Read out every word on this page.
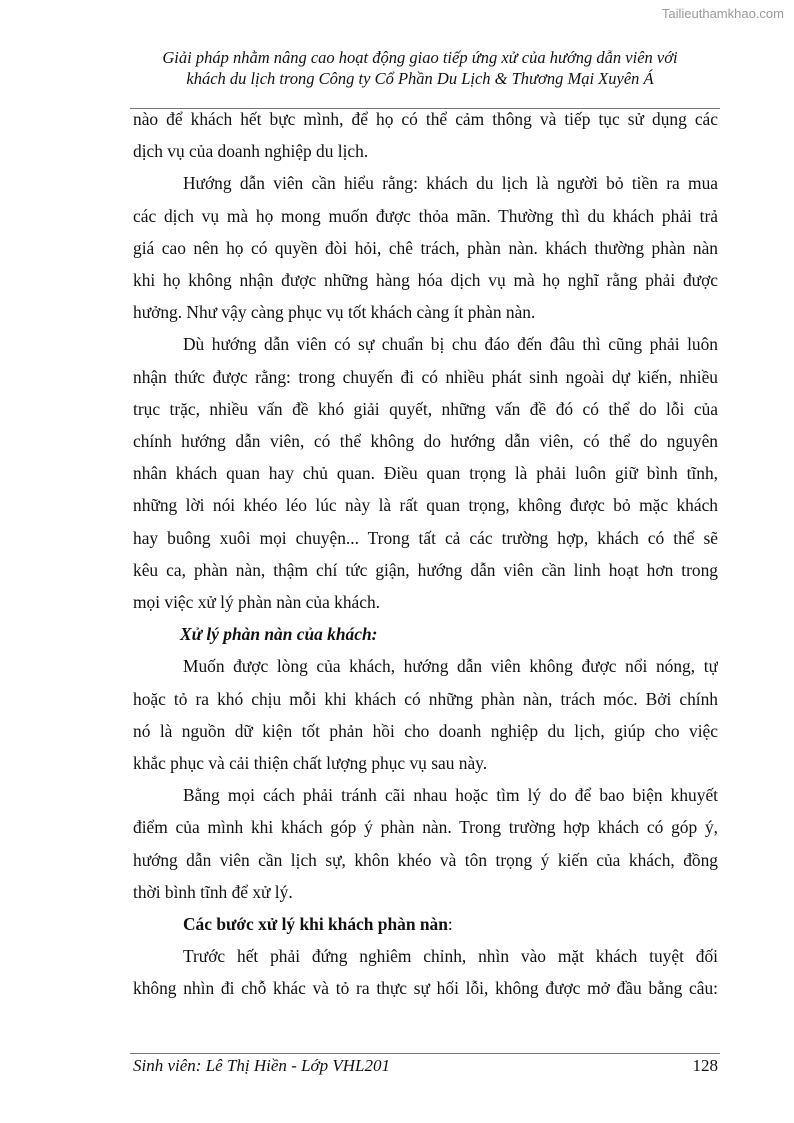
Tailieuthamkhao.com
Giải pháp nhằm nâng cao hoạt động giao tiếp ứng xử của hướng dẫn viên với
khách du lịch trong Công ty Cổ Phần Du Lịch & Thương Mại Xuyên Á
nào để khách hết bực mình, để họ có thể cảm thông và tiếp tục sử dụng các
dịch vụ của doanh nghiệp du lịch.
Hướng dẫn viên cần hiểu rằng: khách du lịch là người bỏ tiền ra mua
các dịch vụ mà họ mong muốn được thỏa mãn. Thường thì du khách phải trả
giá cao nên họ có quyền đòi hỏi, chê trách, phàn nàn. khách thường phàn nàn
khi họ không nhận được những hàng hóa dịch vụ mà họ nghĩ rằng phải được
hưởng. Như vậy càng phục vụ tốt khách càng ít phàn nàn.
Dù hướng dẫn viên có sự chuẩn bị chu đáo đến đâu thì cũng phải luôn
nhận thức được rằng: trong chuyến đi có nhiều phát sinh ngoài dự kiến, nhiều
trục trặc, nhiều vấn đề khó giải quyết, những vấn đề đó có thể do lỗi của
chính hướng dẫn viên, có thể không do hướng dẫn viên, có thể do nguyên
nhân khách quan hay chủ quan. Điều quan trọng là phải luôn giữ bình tĩnh,
những lời nói khéo léo lúc này là rất quan trọng, không được bỏ mặc khách
hay buông xuôi mọi chuyện... Trong tất cả các trường hợp, khách có thể sẽ
kêu ca, phàn nàn, thậm chí tức giận, hướng dẫn viên cần linh hoạt hơn trong
mọi việc xử lý phàn nàn của khách.
Xử lý phàn nàn của khách:
Muốn được lòng của khách, hướng dẫn viên không được nổi nóng, tự
hoặc tỏ ra khó chịu mỗi khi khách có những phàn nàn, trách móc. Bởi chính
nó là nguồn dữ kiện tốt phản hồi cho doanh nghiệp du lịch, giúp cho việc
khắc phục và cải thiện chất lượng phục vụ sau này.
Bằng mọi cách phải tránh cãi nhau hoặc tìm lý do để bao biện khuyết
điểm của mình khi khách góp ý phàn nàn. Trong trường hợp khách có góp ý,
hướng dẫn viên cần lịch sự, khôn khéo và tôn trọng ý kiến của khách, đồng
thời bình tĩnh để xử lý.
Các bước xử lý khi khách phàn nàn:
Trước hết phải đứng nghiêm chỉnh, nhìn vào mặt khách tuyệt đối
không nhìn đi chỗ khác và tỏ ra thực sự hối lỗi, không được mở đầu bằng câu:
Sinh viên: Lê Thị Hiền - Lớp VHL201	128
